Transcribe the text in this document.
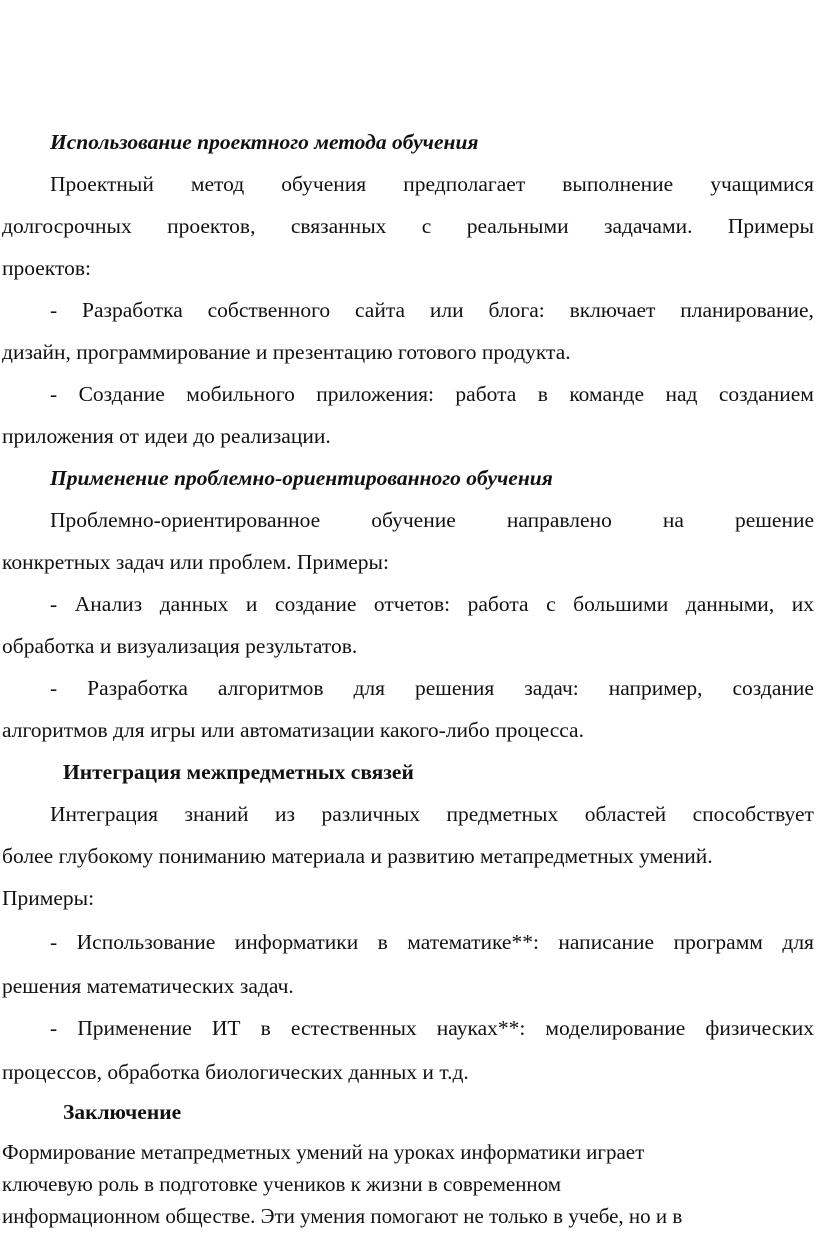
Использование проектного метода обучения
Проектный метод обучения предполагает выполнение учащимися
долгосрочных проектов, связанных с реальными задачами. Примеры
проектов:
- Разработка собственного сайта или блога: включает планирование,
дизайн, программирование и презентацию готового продукта.
- Создание мобильного приложения: работа в команде над созданием
приложения от идеи до реализации.
Применение проблемно-ориентированного обучения
Проблемно-ориентированное обучение направлено на решение
конкретных задач или проблем. Примеры:
- Анализ данных и создание отчетов: работа с большими данными, их
обработка и визуализация результатов.
- Разработка алгоритмов для решения задач: например, создание
алгоритмов для игры или автоматизации какого-либо процесса.
Интеграция межпредметных связей
Интеграция знаний из различных предметных областей способствует
более глубокому пониманию материала и развитию метапредметных умений.
Примеры:
- Использование информатики в математике**: написание программ для
решения математических задач.
- Применение ИТ в естественных науках**: моделирование физических
процессов, обработка биологических данных и т.д.
Заключение
Формирование метапредметных умений на уроках информатики играет
ключевую роль в подготовке учеников к жизни в современном
информационном обществе. Эти умения помогают не только в учебе, но и в
